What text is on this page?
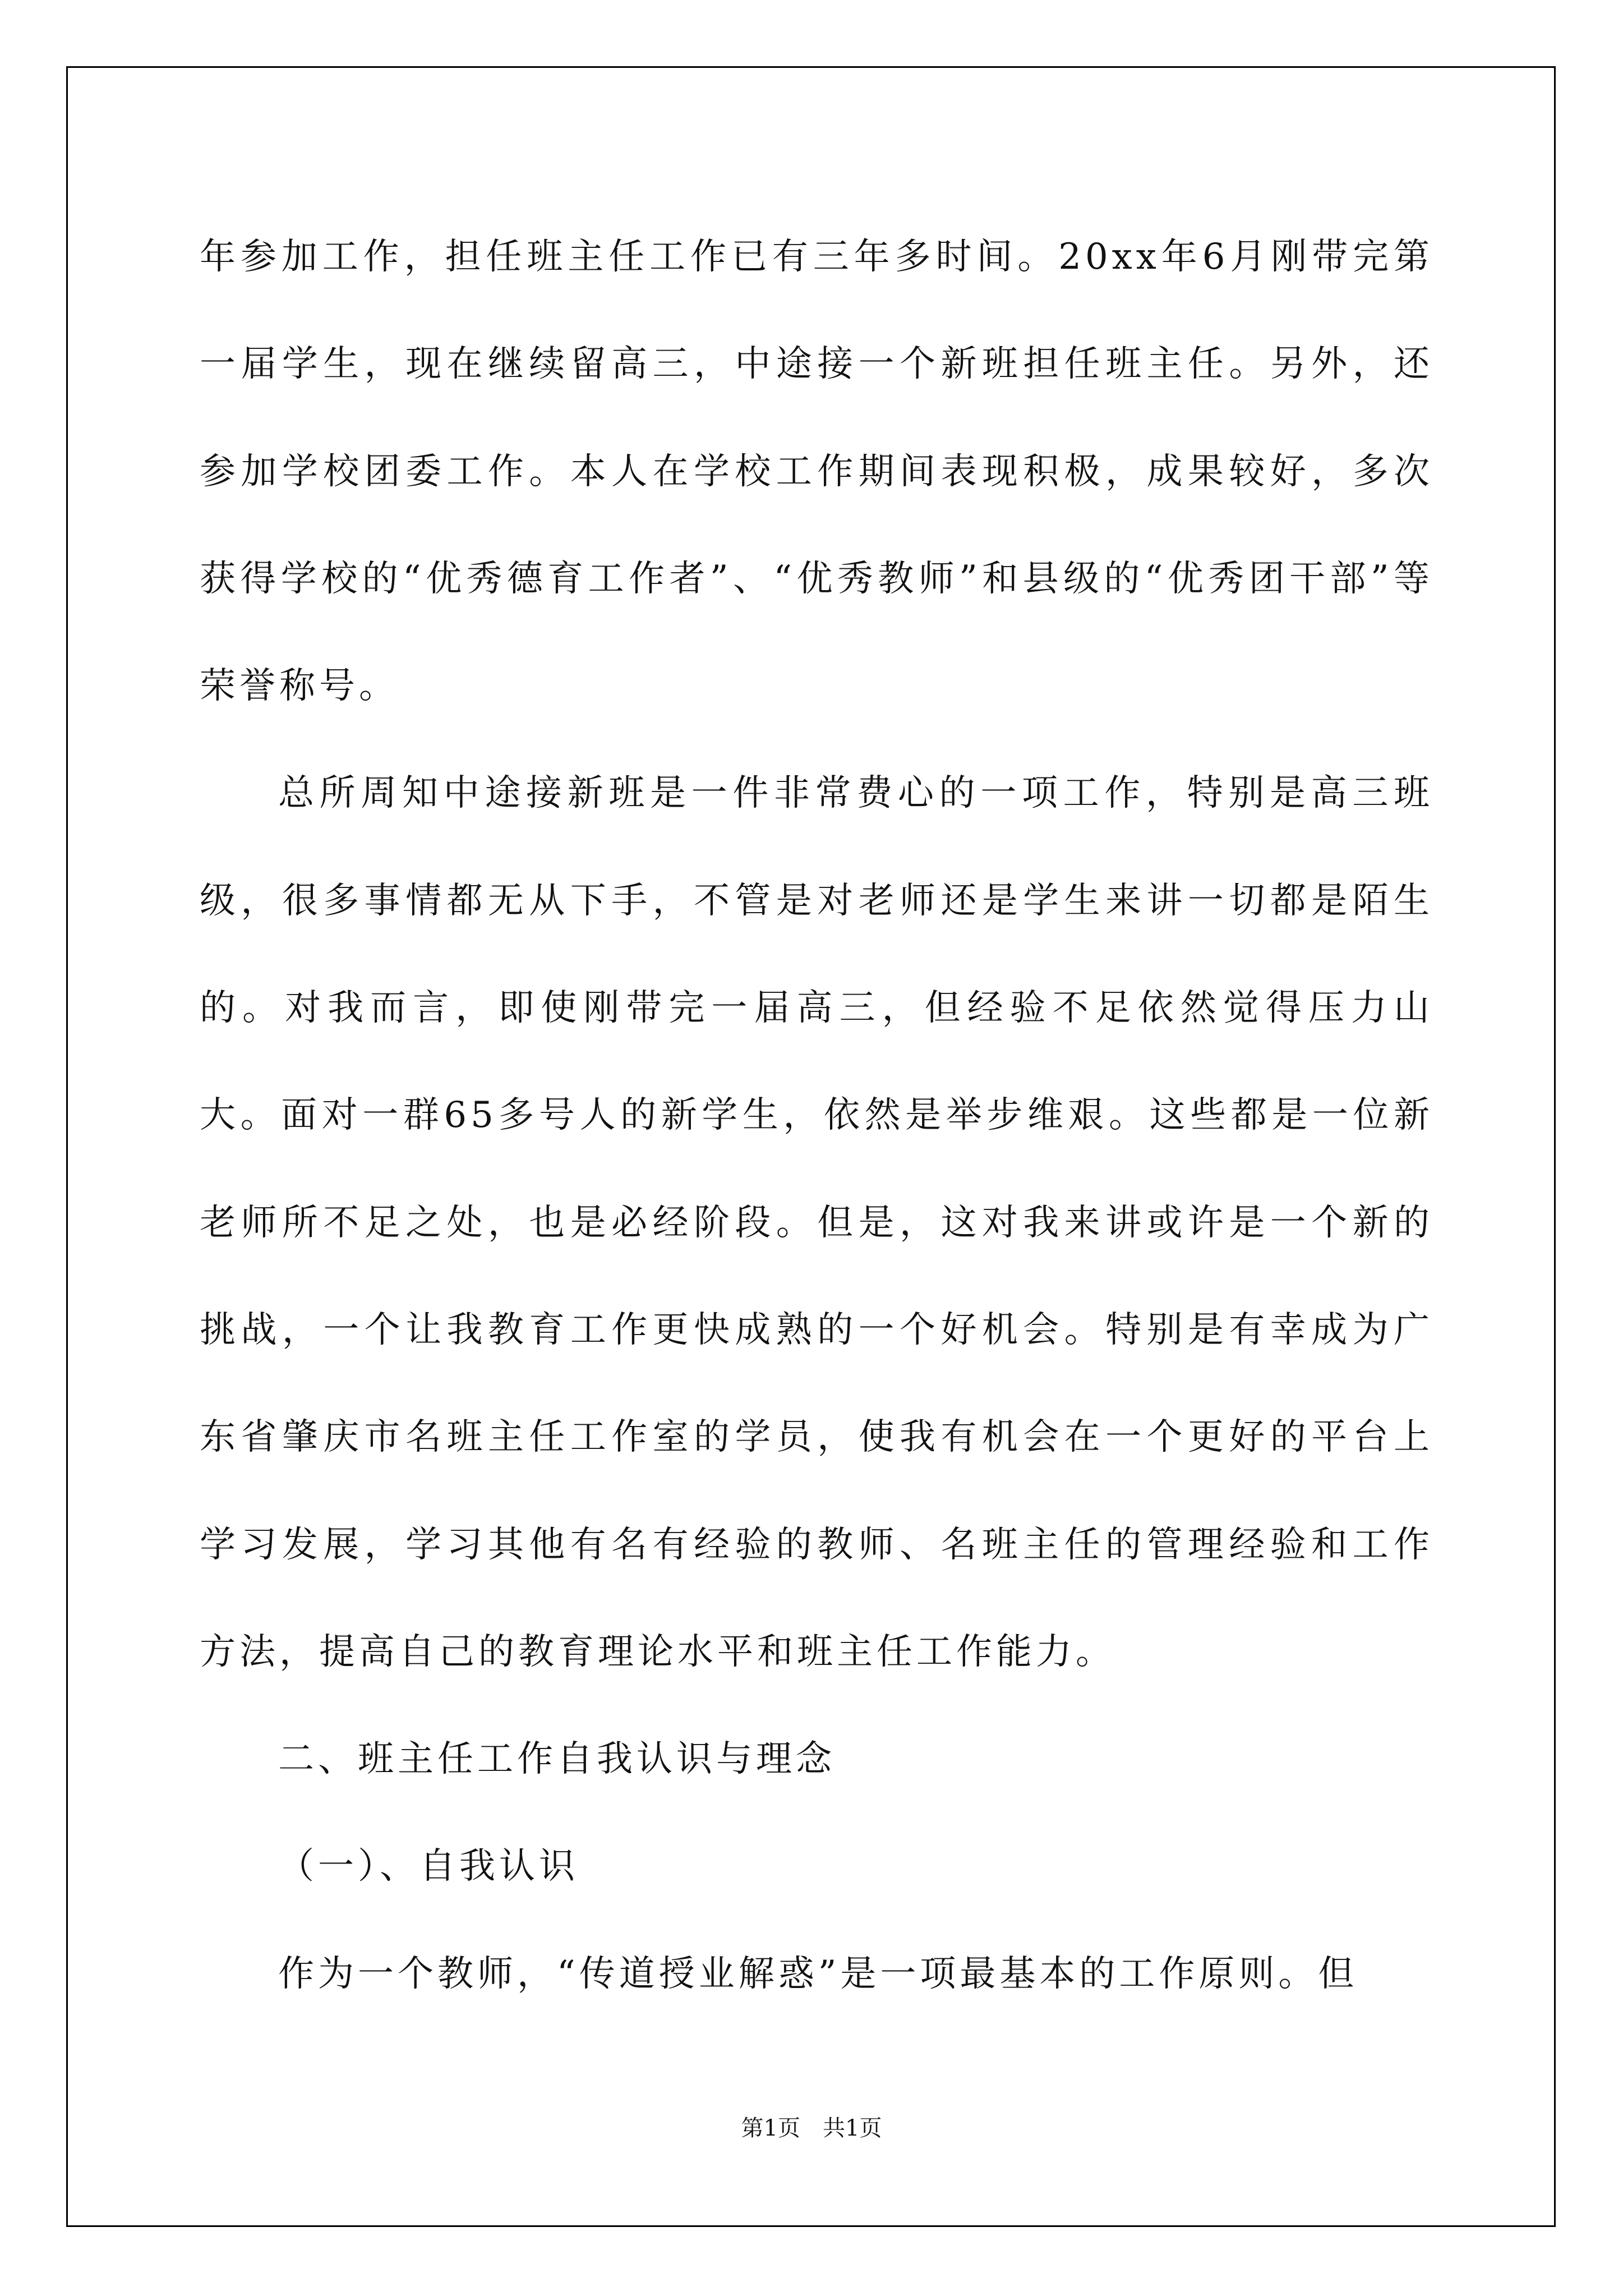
年参加工作，担任班主任工作已有三年多时间。20xx年6月刚带完第一届学生，现在继续留高三，中途接一个新班担任班主任。另外，还参加学校团委工作。本人在学校工作期间表现积极，成果较好，多次获得学校的“优秀德育工作者”、“优秀教师”和县级的“优秀团干部”等荣誉称号。

总所周知中途接新班是一件非常费心的一项工作，特别是高三班级，很多事情都无从下手，不管是对老师还是学生来讲一切都是陌生的。对我而言，即使刚带完一届高三，但经验不足依然觉得压力山大。面对一群65多号人的新学生，依然是举步维艰。这些都是一位新老师所不足之处，也是必经阶段。但是，这对我来讲或许是一个新的挑战，一个让我教育工作更快成熟的一个好机会。特别是有幸成为广东省肇庆市名班主任工作室的学员，使我有机会在一个更好的平台上学习发展，学习其他有名有经验的教师、名班主任的管理经验和工作方法，提高自己的教育理论水平和班主任工作能力。

二、班主任工作自我认识与理念

（一）、自我认识

作为一个教师，“传道授业解惑”是一项最基本的工作原则。但

第1页　共1页
